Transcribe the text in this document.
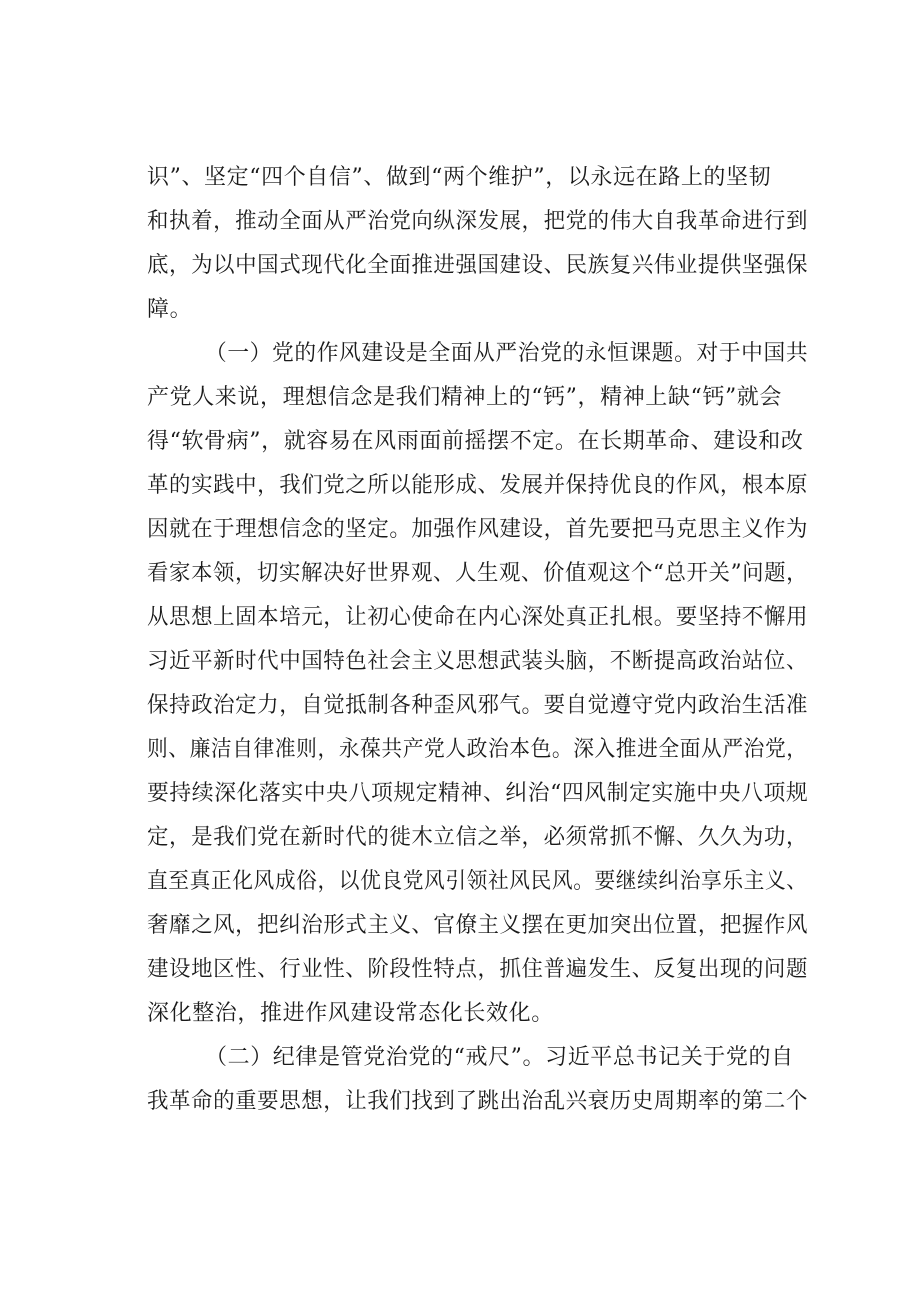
识”、坚定“四个自信”、做到“两个维护”，以永远在路上的坚韧
和执着，推动全面从严治党向纵深发展，把党的伟大自我革命进行到
底，为以中国式现代化全面推进强国建设、民族复兴伟业提供坚强保
障。
（一）党的作风建设是全面从严治党的永恒课题。对于中国共
产党人来说，理想信念是我们精神上的“钙”，精神上缺“钙”就会
得“软骨病”，就容易在风雨面前摇摆不定。在长期革命、建设和改
革的实践中，我们党之所以能形成、发展并保持优良的作风，根本原
因就在于理想信念的坚定。加强作风建设，首先要把马克思主义作为
看家本领，切实解决好世界观、人生观、价值观这个“总开关”问题，
从思想上固本培元，让初心使命在内心深处真正扎根。要坚持不懈用
习近平新时代中国特色社会主义思想武装头脑，不断提高政治站位、
保持政治定力，自觉抵制各种歪风邪气。要自觉遵守党内政治生活准
则、廉洁自律准则，永葆共产党人政治本色。深入推进全面从严治党，
要持续深化落实中央八项规定精神、纠治“四风制定实施中央八项规
定，是我们党在新时代的徙木立信之举，必须常抓不懈、久久为功，
直至真正化风成俗，以优良党风引领社风民风。要继续纠治享乐主义、
奢靡之风，把纠治形式主义、官僚主义摆在更加突出位置，把握作风
建设地区性、行业性、阶段性特点，抓住普遍发生、反复出现的问题
深化整治，推进作风建设常态化长效化。
（二）纪律是管党治党的“戒尺”。习近平总书记关于党的自
我革命的重要思想，让我们找到了跳出治乱兴衰历史周期率的第二个
